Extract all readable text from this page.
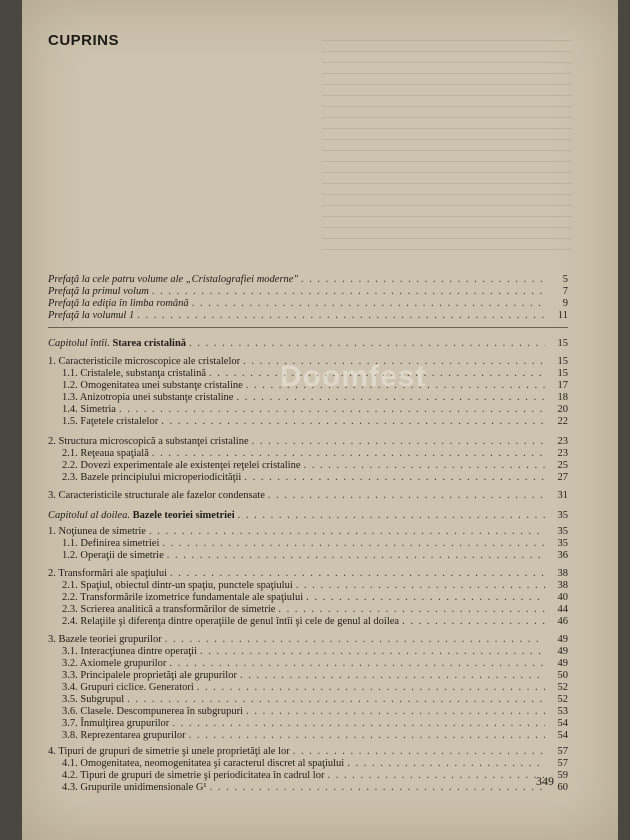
CUPRINS
Prefaţă la cele patru volume ale „Cristalografiei moderne" . . .	5
Prefaţă la primul volum . . .	7
Prefaţă la ediţia în limba română . . .	9
Prefaţă la volumul 1 . . .	11
Capitolul întîi. Starea cristalină . . .	15
1. Caracteristicile microscopice ale cristalelor . . .	15
1.1. Cristalele, substanţa cristalină . . .	15
1.2. Omogenitatea unei substanţe cristaline . . .	17
1.3. Anizotropia unei substanţe cristaline . . .	18
1.4. Simetria . . .	20
1.5. Faţetele cristalelor . . .	22
2. Structura microscopică a substanţei cristaline . . .	23
2.1. Reţeaua spaţială . . .	23
2.2. Dovezi experimentale ale existenţei reţelei cristaline . . .	25
2.3. Bazele principiului microperiodicităţii . . .	27
3. Caracteristicile structurale ale fazelor condensate . . .	31
Capitolul al doilea. Bazele teoriei simetriei . . .	35
1. Noţiunea de simetrie . . .	35
1.1. Definirea simetriei . . .	35
1.2. Operaţii de simetrie . . .	36
2. Transformări ale spaţiului . . .	38
2.1. Spaţiul, obiectul dintr-un spaţiu, punctele spaţiului . . .	38
2.2. Transformările izometrice fundamentale ale spaţiului . . .	40
2.3. Scrierea analitică a transformărilor de simetrie . . .	44
2.4. Relaţiile şi diferenţa dintre operaţiile de genul întîi şi cele de genul al doilea . . .	46
3. Bazele teoriei grupurilor . . .	49
3.1. Interacţiunea dintre operaţii . . .	49
3.2. Axiomele grupurilor . . .	49
3.3. Principalele proprietăţi ale grupurilor . . .	50
3.4. Grupuri ciclice. Generatori . . .	52
3.5. Subgrupul . . .	52
3.6. Clasele. Descompunerea în subgrupuri . . .	53
3.7. Înmulţirea grupurilor . . .	54
3.8. Reprezentarea grupurilor . . .	54
4. Tipuri de grupuri de simetrie şi unele proprietăţi ale lor . . .	57
4.1. Omogenitatea, neomogenitatea şi caracterul discret al spaţiului . . .	57
4.2. Tipuri de grupuri de simetrie şi periodicitatea în cadrul lor . . .	59
4.3. Grupurile unidimensionale G¹ . . .	60
Doomfest
349
